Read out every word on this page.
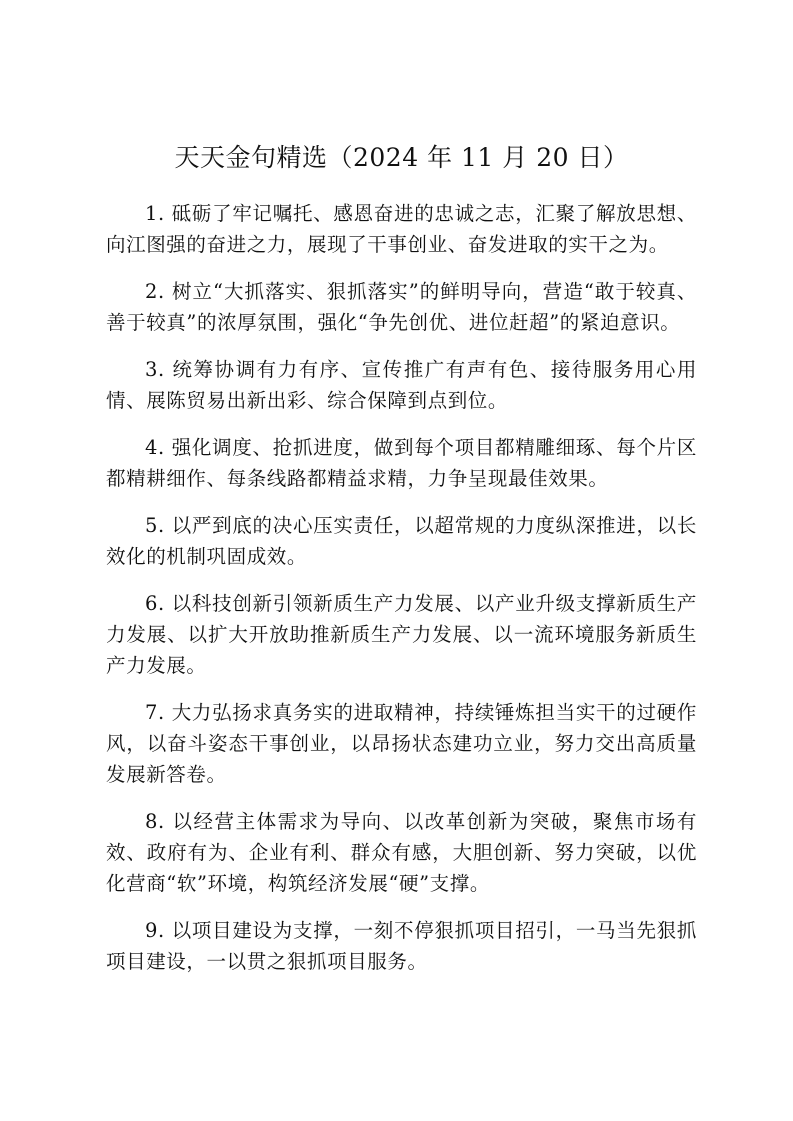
天天金句精选（2024 年 11 月 20 日）
1. 砥砺了牢记嘱托、感恩奋进的忠诚之志，汇聚了解放思想、向江图强的奋进之力，展现了干事创业、奋发进取的实干之为。
2. 树立“大抓落实、狠抓落实”的鲜明导向，营造“敢于较真、善于较真”的浓厚氛围，强化“争先创优、进位赶超”的紧迫意识。
3. 统筹协调有力有序、宣传推广有声有色、接待服务用心用情、展陈贸易出新出彩、综合保障到点到位。
4. 强化调度、抢抓进度，做到每个项目都精雕细琢、每个片区都精耕细作、每条线路都精益求精，力争呈现最佳效果。
5. 以严到底的决心压实责任，以超常规的力度纵深推进，以长效化的机制巩固成效。
6. 以科技创新引领新质生产力发展、以产业升级支撑新质生产力发展、以扩大开放助推新质生产力发展、以一流环境服务新质生产力发展。
7. 大力弘扬求真务实的进取精神，持续锤炼担当实干的过硬作风，以奋斗姿态干事创业，以昂扬状态建功立业，努力交出高质量发展新答卷。
8. 以经营主体需求为导向、以改革创新为突破，聚焦市场有效、政府有为、企业有利、群众有感，大胆创新、努力突破，以优化营商“软”环境，构筑经济发展“硬”支撑。
9. 以项目建设为支撑，一刻不停狠抓项目招引，一马当先狠抓项目建设，一以贯之狠抓项目服务。
